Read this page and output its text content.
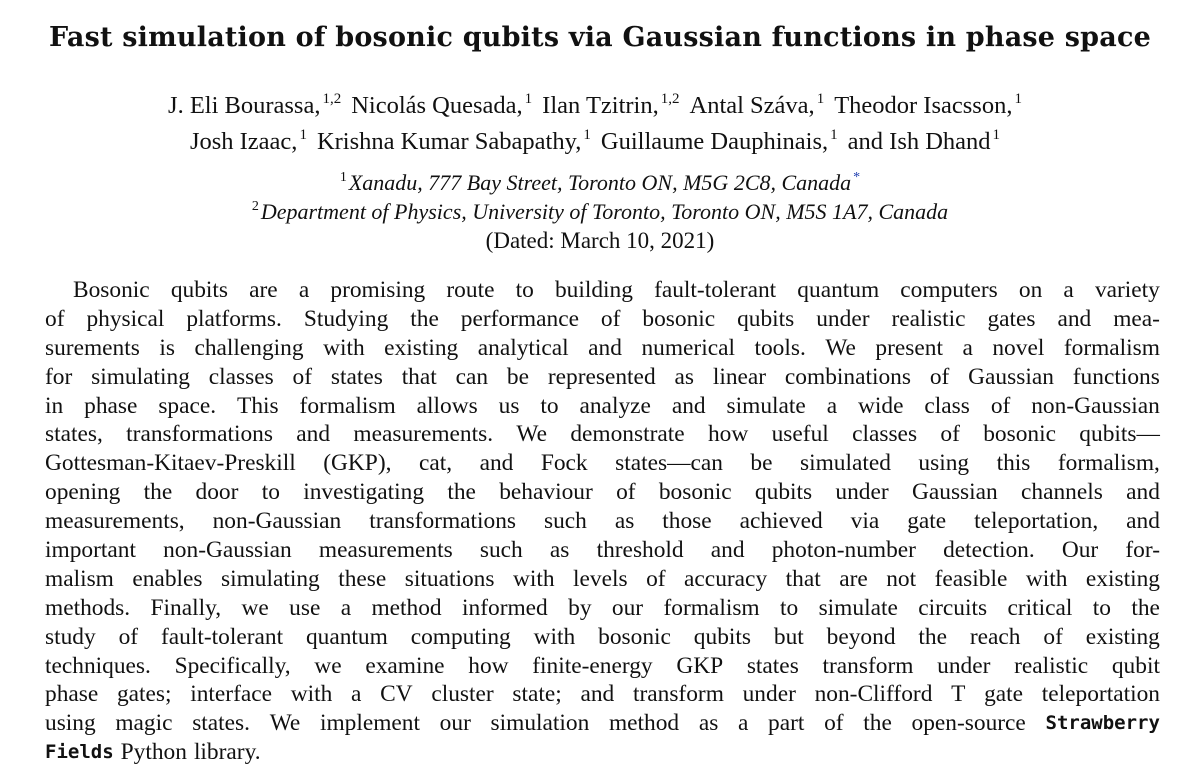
Fast simulation of bosonic qubits via Gaussian functions in phase space
J. Eli Bourassa, $^{1,2}$ Nicolás Quesada, $^1$ Ilan Tzitrin, $^{1,2}$ Antal Száva, $^1$ Theodor Isacsson, $^1$
Josh Izaac, $^1$ Krishna Kumar Sabapathy, $^1$ Guillaume Dauphinais, $^1$ and Ish Dhand $^1$
$^1$Xanadu, 777 Bay Street, Toronto ON, M5G 2C8, Canada *
$^2$Department of Physics, University of Toronto, Toronto ON, M5S 1A7, Canada
(Dated: March 10, 2021)
Bosonic qubits are a promising route to building fault-tolerant quantum computers on a variety
of physical platforms. Studying the performance of bosonic qubits under realistic gates and mea-
surements is challenging with existing analytical and numerical tools. We present a novel formalism
for simulating classes of states that can be represented as linear combinations of Gaussian functions
in phase space. This formalism allows us to analyze and simulate a wide class of non-Gaussian
states, transformations and measurements. We demonstrate how useful classes of bosonic qubits—
Gottesman-Kitaev-Preskill (GKP), cat, and Fock states—can be simulated using this formalism,
opening the door to investigating the behaviour of bosonic qubits under Gaussian channels and
measurements, non-Gaussian transformations such as those achieved via gate teleportation, and
important non-Gaussian measurements such as threshold and photon-number detection. Our for-
malism enables simulating these situations with levels of accuracy that are not feasible with existing
methods. Finally, we use a method informed by our formalism to simulate circuits critical to the
study of fault-tolerant quantum computing with bosonic qubits but beyond the reach of existing
techniques. Specifically, we examine how finite-energy GKP states transform under realistic qubit
phase gates; interface with a CV cluster state; and transform under non-Clifford T gate teleportation
using magic states. We implement our simulation method as a part of the open-source Strawberry
Fields Python library.
